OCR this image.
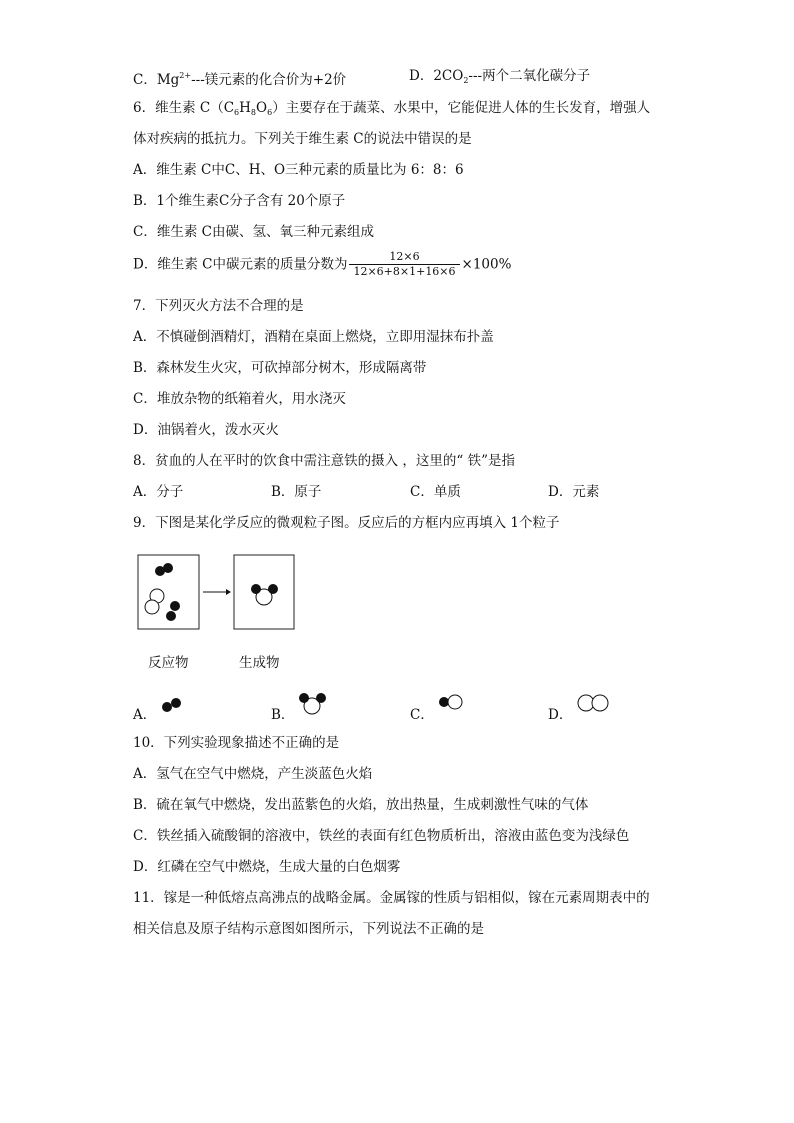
C．$Mg^{2+}---$镁元素的化合价为+2价	D．$2CO_2---$两个二氧化碳分子
6．维生素 $C(C_6H_8O_6)$主要存在于蔬菜、水果中，它能促进人体的生长发育，增强人
体对疾病的抵抗力。下列关于维生素 C的说法中错误的是
A．维生素 C中C、H、O三种元素的质量比为 6：8：6
B．1个维生素C分子含有 20个原子
C．维生素 C由碳、氢、氧三种元素组成
D．维生素 C中碳元素的质量分数为 $\frac{12\times 6}{12\times 6+8\times 1+16\times 6} \times 100\%$
7．下列灭火方法不合理的是
A．不慎碰倒酒精灯，酒精在桌面上燃烧，立即用湿抹布扑盖
B．森林发生火灾，可砍掉部分树木，形成隔离带
C．堆放杂物的纸箱着火，用水浇灭
D．油锅着火，泼水灭火
8．贫血的人在平时的饮食中需注意铁的摄入 ，这里的“ 铁”是指
A．分子	B．原子	C．单质	D．元素
9．下图是某化学反应的微观粒子图。反应后的方框内应再填入 1个粒子
反应物	生成物
A．	B．	C．	D．
10．下列实验现象描述不正确的是
A．氢气在空气中燃烧，产生淡蓝色火焰
B．硫在氧气中燃烧，发出蓝紫色的火焰，放出热量，生成刺激性气味的气体
C．铁丝插入硫酸铜的溶液中，铁丝的表面有红色物质析出，溶液由蓝色变为浅绿色
D．红磷在空气中燃烧，生成大量的白色烟雾
11．镓是一种低熔点高沸点的战略金属。金属镓的性质与铝相似，镓在元素周期表中的
相关信息及原子结构示意图如图所示，下列说法不正确的是
